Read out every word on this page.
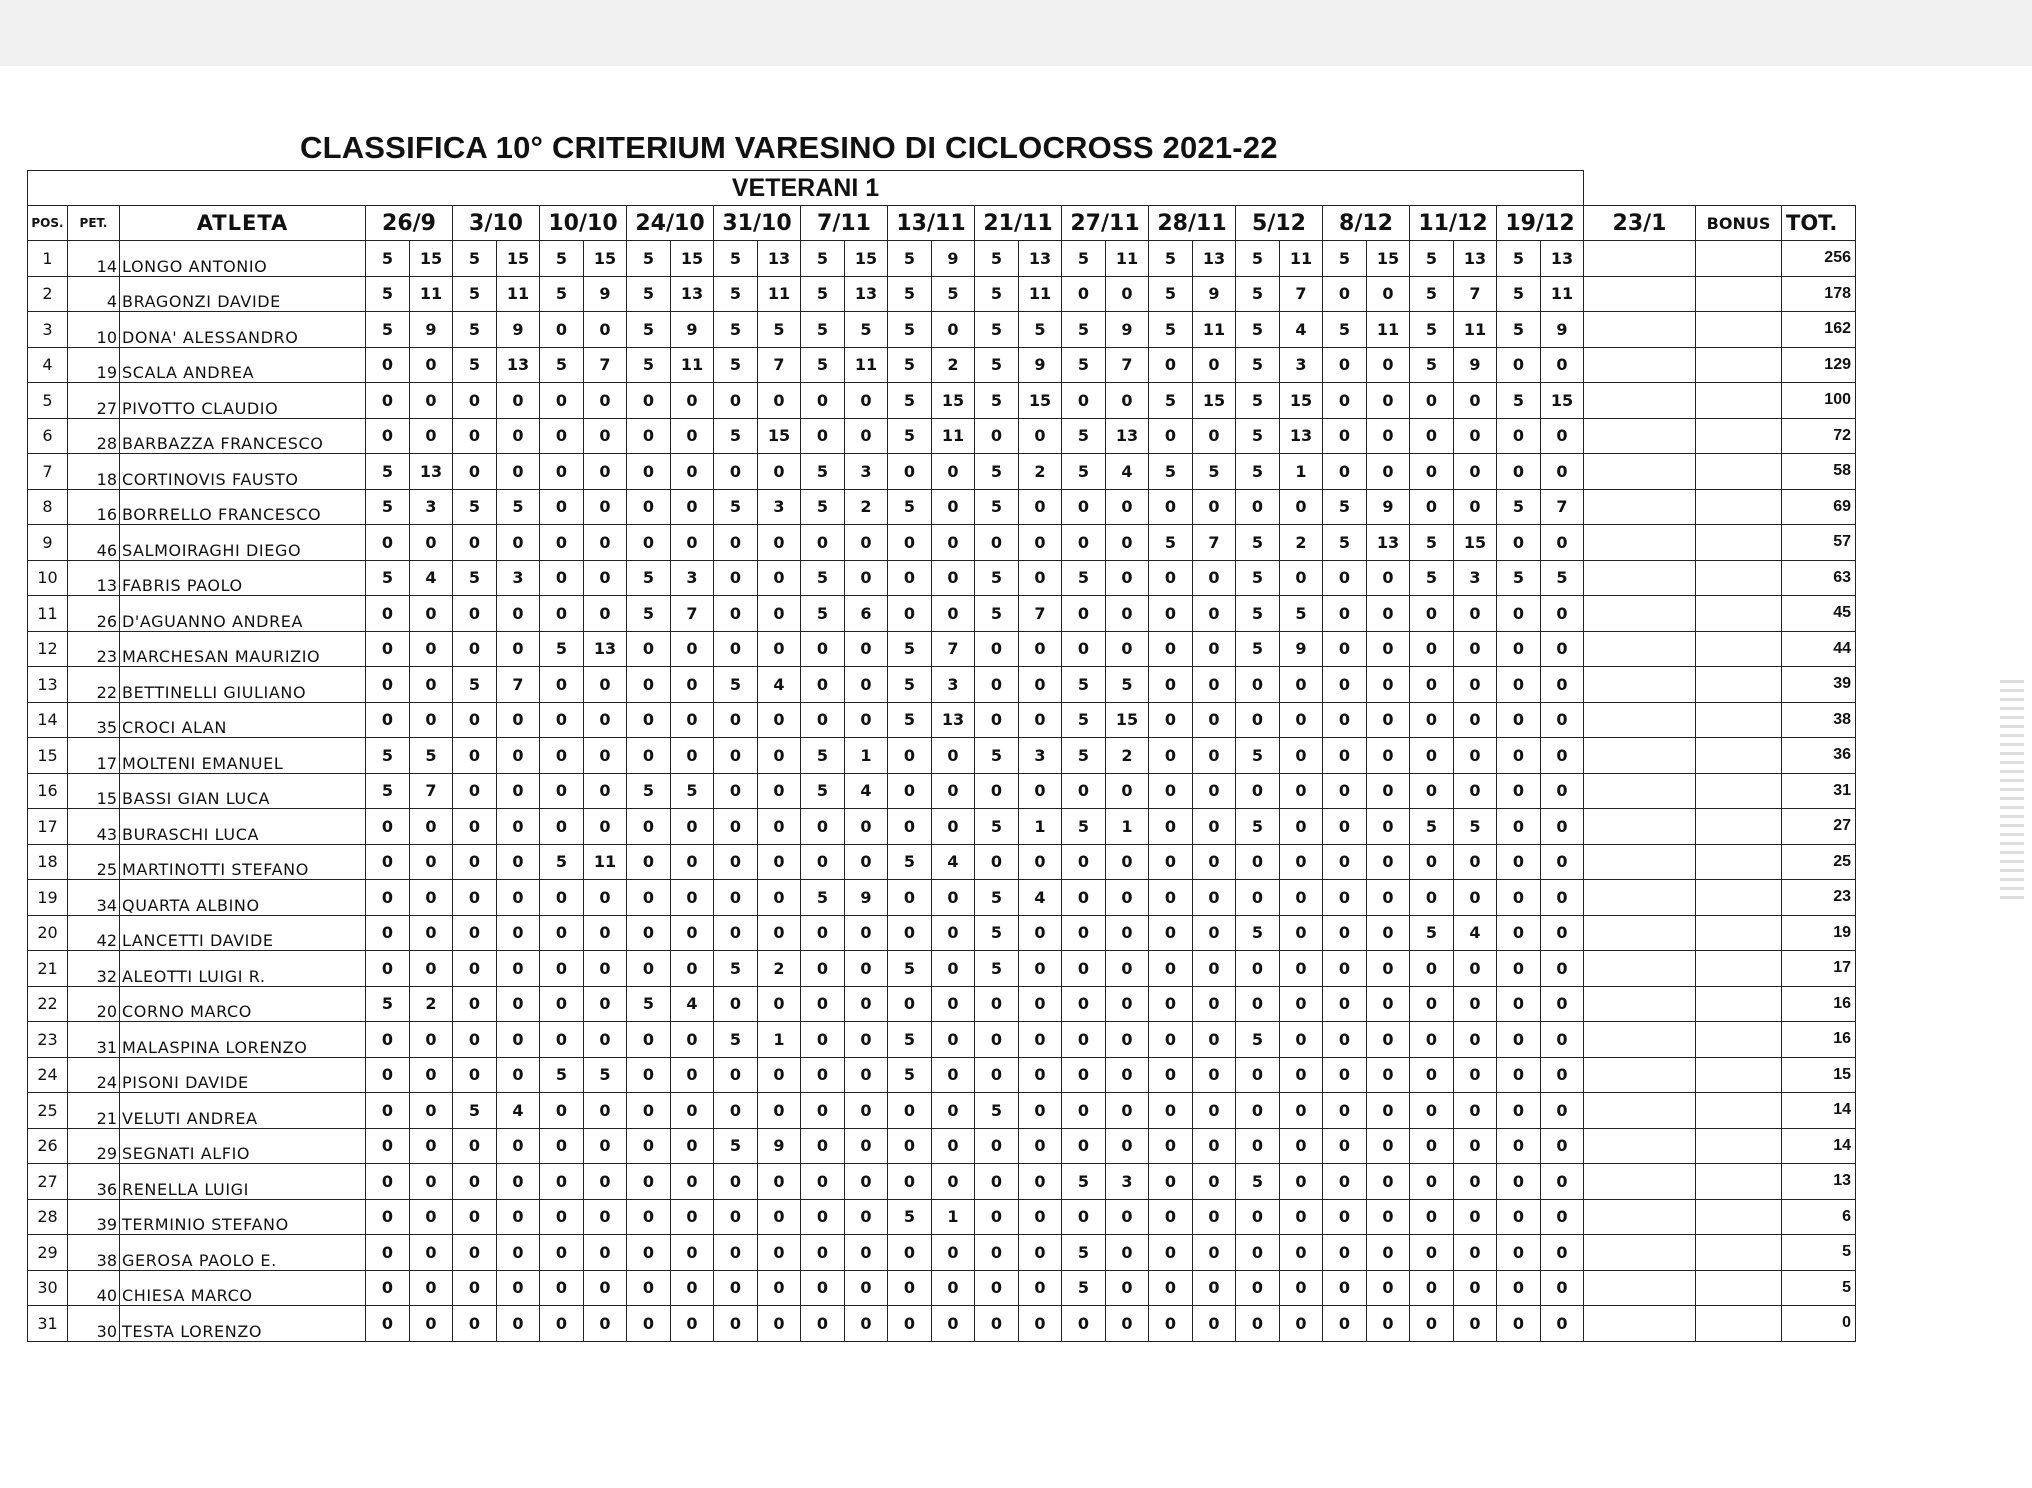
CLASSIFICA 10° CRITERIUM VARESINO DI CICLOCROSS 2021-22
VETERANI 1																																	
POS.	PET.	ATLETA	26/9		3/10		10/10		24/10		31/10		7/11		13/11		21/11		27/11		28/11		5/12		8/12		11/12		19/12		23/1	BONUS	TOT.
1	14	LONGO ANTONIO	5	15	5	15	5	15	5	15	5	13	5	15	5	9	5	13	5	11	5	13	5	11	5	15	5	13	5	13			256
2	4	BRAGONZI DAVIDE	5	11	5	11	5	9	5	13	5	11	5	13	5	5	5	11	0	0	5	9	5	7	0	0	5	7	5	11			178
3	10	DONA' ALESSANDRO	5	9	5	9	0	0	5	9	5	5	5	5	5	0	5	5	5	9	5	11	5	4	5	11	5	11	5	9			162
4	19	SCALA ANDREA	0	0	5	13	5	7	5	11	5	7	5	11	5	2	5	9	5	7	0	0	5	3	0	0	5	9	0	0			129
5	27	PIVOTTO CLAUDIO	0	0	0	0	0	0	0	0	0	0	0	0	5	15	5	15	0	0	5	15	5	15	0	0	0	0	5	15			100
6	28	BARBAZZA FRANCESCO	0	0	0	0	0	0	0	0	5	15	0	0	5	11	0	0	5	13	0	0	5	13	0	0	0	0	0	0			72
7	18	CORTINOVIS FAUSTO	5	13	0	0	0	0	0	0	0	0	5	3	0	0	5	2	5	4	5	5	5	1	0	0	0	0	0	0			58
8	16	BORRELLO FRANCESCO	5	3	5	5	0	0	0	0	5	3	5	2	5	0	5	0	0	0	0	0	0	0	5	9	0	0	5	7			69
9	46	SALMOIRAGHI DIEGO	0	0	0	0	0	0	0	0	0	0	0	0	0	0	0	0	0	0	5	7	5	2	5	13	5	15	0	0			57
10	13	FABRIS PAOLO	5	4	5	3	0	0	5	3	0	0	5	0	0	0	5	0	5	0	0	0	5	0	0	0	5	3	5	5			63
11	26	D'AGUANNO ANDREA	0	0	0	0	0	0	5	7	0	0	5	6	0	0	5	7	0	0	0	0	5	5	0	0	0	0	0	0			45
12	23	MARCHESAN MAURIZIO	0	0	0	0	5	13	0	0	0	0	0	0	5	7	0	0	0	0	0	0	5	9	0	0	0	0	0	0			44
13	22	BETTINELLI GIULIANO	0	0	5	7	0	0	0	0	5	4	0	0	5	3	0	0	5	5	0	0	0	0	0	0	0	0	0	0			39
14	35	CROCI ALAN	0	0	0	0	0	0	0	0	0	0	0	0	5	13	0	0	5	15	0	0	0	0	0	0	0	0	0	0			38
15	17	MOLTENI EMANUEL	5	5	0	0	0	0	0	0	0	0	5	1	0	0	5	3	5	2	0	0	5	0	0	0	0	0	0	0			36
16	15	BASSI GIAN LUCA	5	7	0	0	0	0	5	5	0	0	5	4	0	0	0	0	0	0	0	0	0	0	0	0	0	0	0	0			31
17	43	BURASCHI LUCA	0	0	0	0	0	0	0	0	0	0	0	0	0	0	5	1	5	1	0	0	5	0	0	0	5	5	0	0			27
18	25	MARTINOTTI STEFANO	0	0	0	0	5	11	0	0	0	0	0	0	5	4	0	0	0	0	0	0	0	0	0	0	0	0	0	0			25
19	34	QUARTA ALBINO	0	0	0	0	0	0	0	0	0	0	5	9	0	0	5	4	0	0	0	0	0	0	0	0	0	0	0	0			23
20	42	LANCETTI DAVIDE	0	0	0	0	0	0	0	0	0	0	0	0	0	0	5	0	0	0	0	0	5	0	0	0	5	4	0	0			19
21	32	ALEOTTI LUIGI R.	0	0	0	0	0	0	0	0	5	2	0	0	5	0	5	0	0	0	0	0	0	0	0	0	0	0	0	0			17
22	20	CORNO MARCO	5	2	0	0	0	0	5	4	0	0	0	0	0	0	0	0	0	0	0	0	0	0	0	0	0	0	0	0			16
23	31	MALASPINA LORENZO	0	0	0	0	0	0	0	0	5	1	0	0	5	0	0	0	0	0	0	0	5	0	0	0	0	0	0	0			16
24	24	PISONI DAVIDE	0	0	0	0	5	5	0	0	0	0	0	0	5	0	0	0	0	0	0	0	0	0	0	0	0	0	0	0			15
25	21	VELUTI ANDREA	0	0	5	4	0	0	0	0	0	0	0	0	0	0	5	0	0	0	0	0	0	0	0	0	0	0	0	0			14
26	29	SEGNATI ALFIO	0	0	0	0	0	0	0	0	5	9	0	0	0	0	0	0	0	0	0	0	0	0	0	0	0	0	0	0			14
27	36	RENELLA LUIGI	0	0	0	0	0	0	0	0	0	0	0	0	0	0	0	0	5	3	0	0	5	0	0	0	0	0	0	0			13
28	39	TERMINIO STEFANO	0	0	0	0	0	0	0	0	0	0	0	0	5	1	0	0	0	0	0	0	0	0	0	0	0	0	0	0			6
29	38	GEROSA PAOLO E.	0	0	0	0	0	0	0	0	0	0	0	0	0	0	0	0	5	0	0	0	0	0	0	0	0	0	0	0			5
30	40	CHIESA MARCO	0	0	0	0	0	0	0	0	0	0	0	0	0	0	0	0	5	0	0	0	0	0	0	0	0	0	0	0			5
31	30	TESTA LORENZO	0	0	0	0	0	0	0	0	0	0	0	0	0	0	0	0	0	0	0	0	0	0	0	0	0	0	0	0			0
